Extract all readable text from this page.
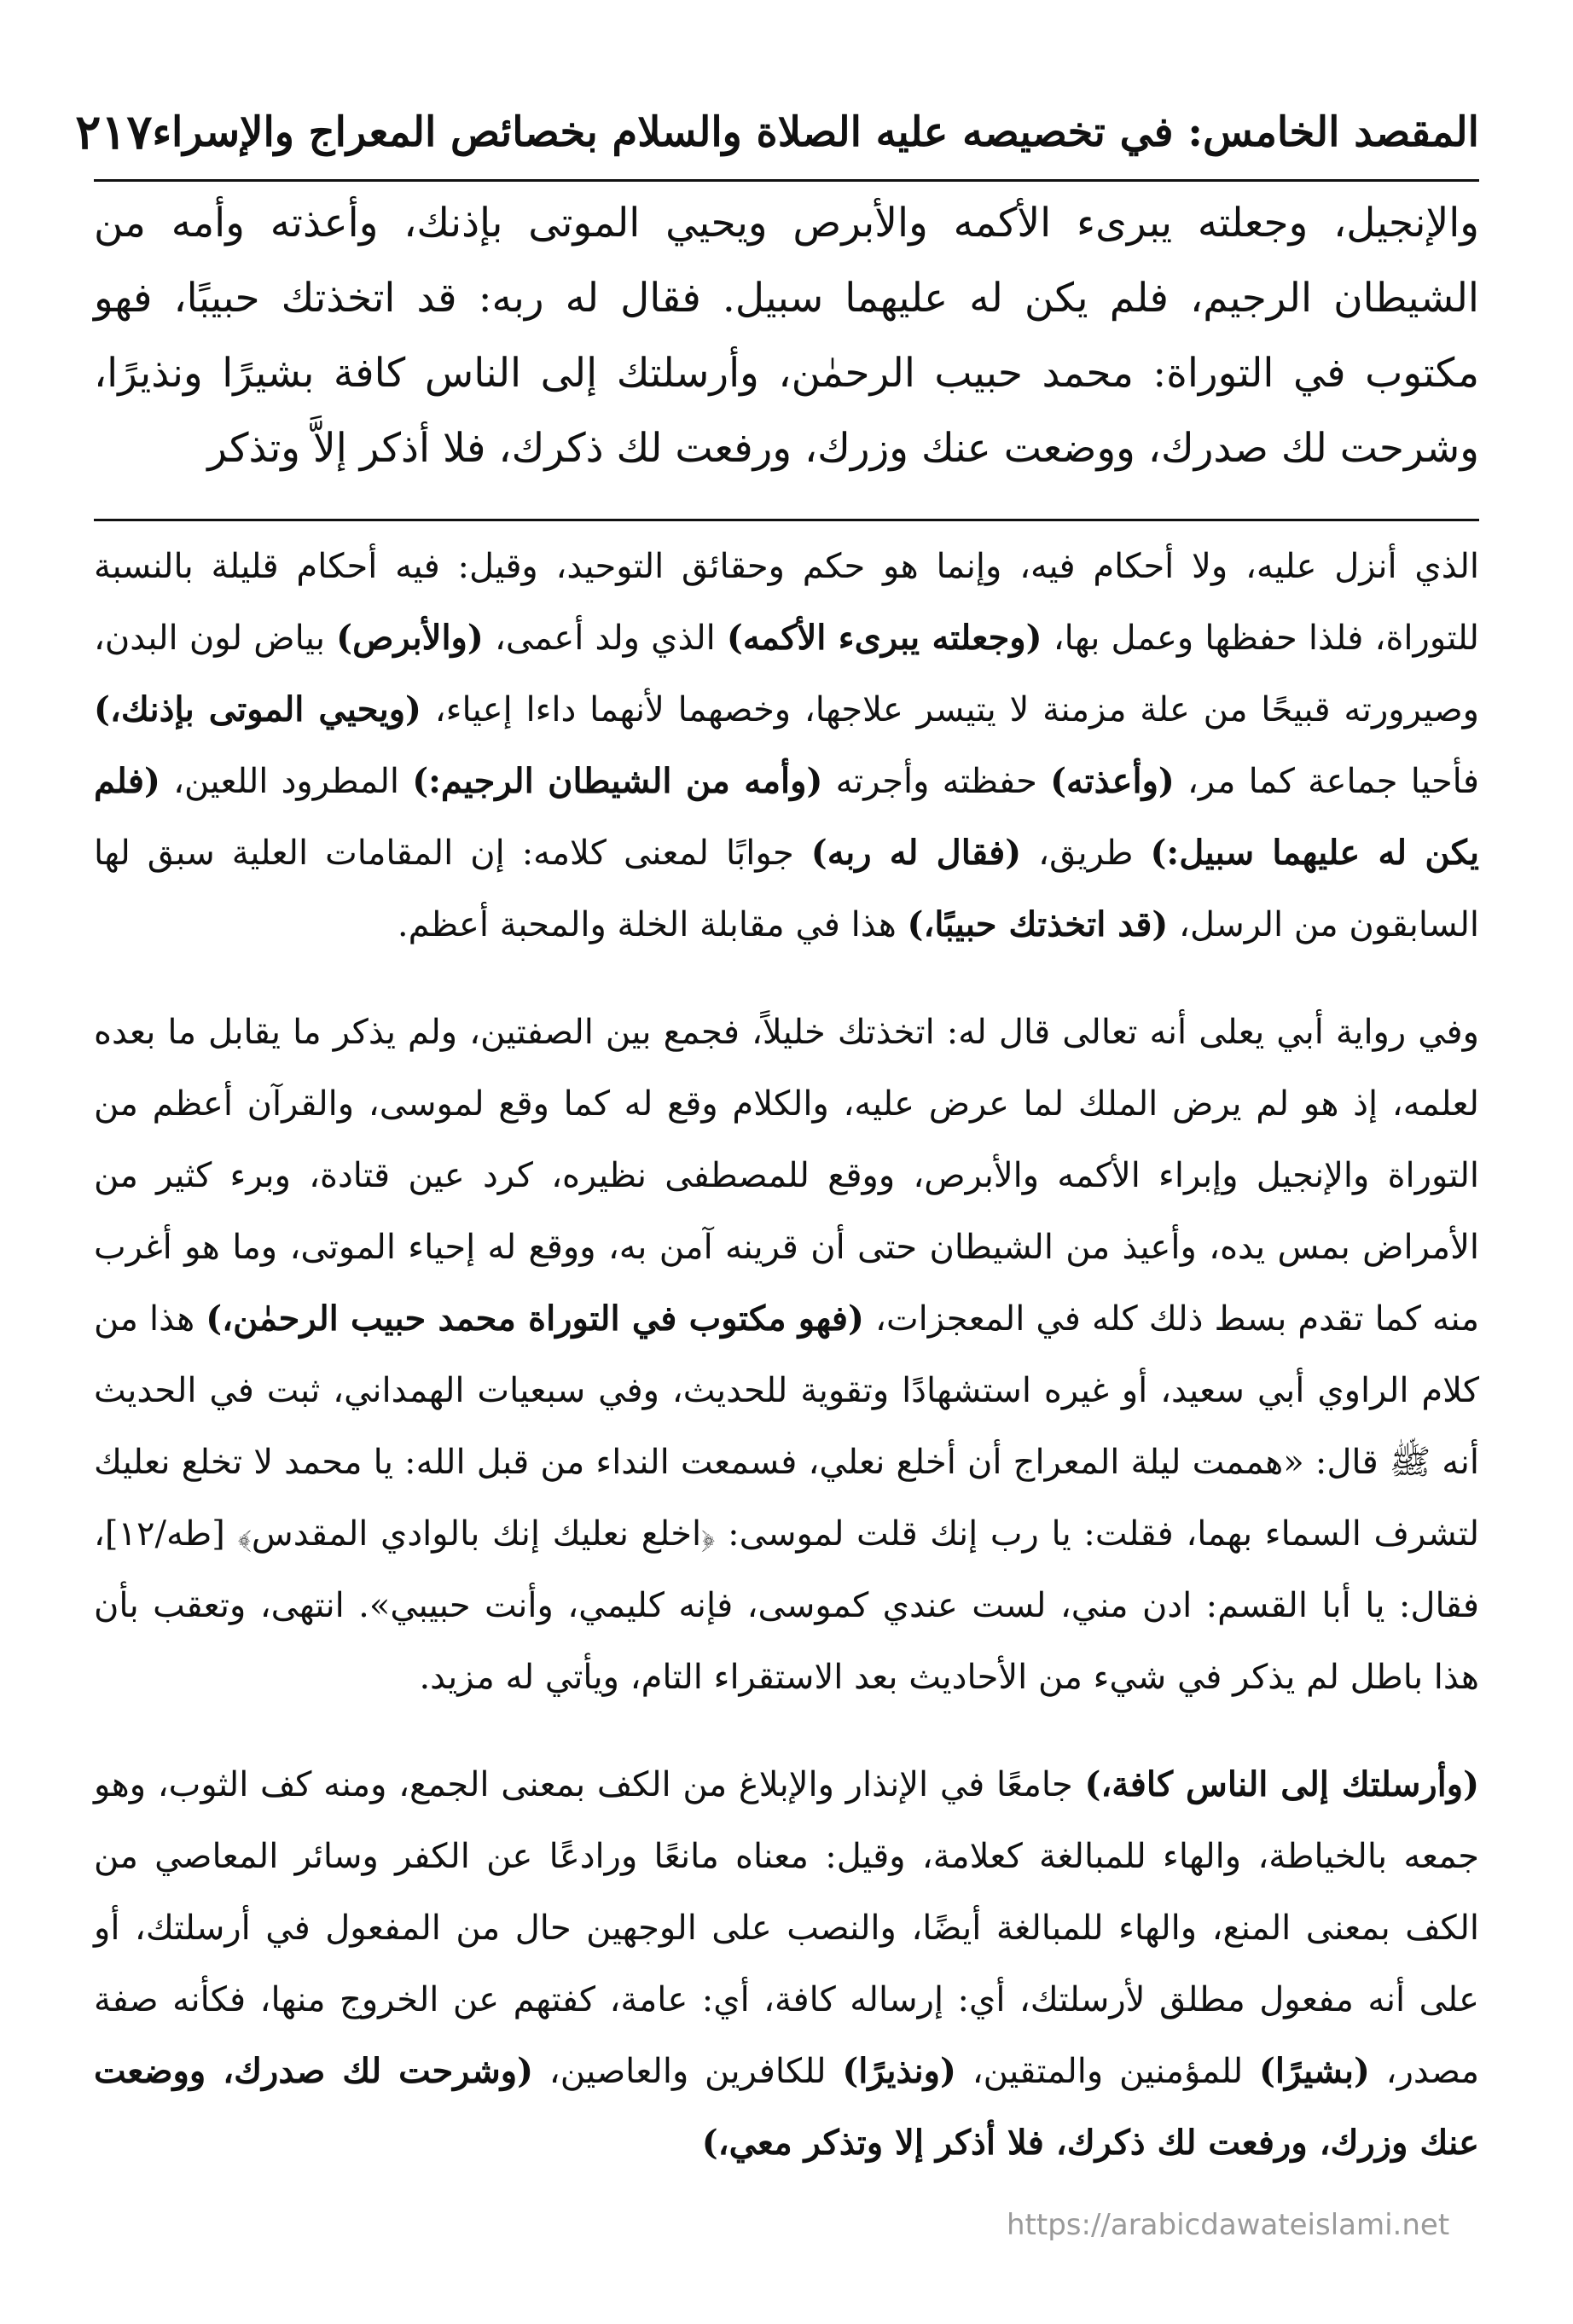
المقصد الخامس: في تخصيصه عليه الصلاة والسلام بخصائص المعراج والإسراء
٢١٧
والإنجيل، وجعلته يبرىء الأكمه والأبرص ويحيي الموتى بإذنك، وأعذته وأمه من الشيطان الرجيم، فلم يكن له عليهما سبيل. فقال له ربه: قد اتخذتك حبيبًا، فهو مكتوب في التوراة: محمد حبيب الرحمٰن، وأرسلتك إلى الناس كافة بشيرًا ونذيرًا، وشرحت لك صدرك، ووضعت عنك وزرك، ورفعت لك ذكرك، فلا أذكر إلاَّ وتذكر

الذي أنزل عليه، ولا أحكام فيه، وإنما هو حكم وحقائق التوحيد، وقيل: فيه أحكام قليلة بالنسبة للتوراة، فلذا حفظها وعمل بها، (وجعلته يبرىء الأكمه) الذي ولد أعمى، (والأبرص) بياض لون البدن، وصيرورته قبيحًا من علة مزمنة لا يتيسر علاجها، وخصهما لأنهما داءا إعياء، (ويحيي الموتى بإذنك،) فأحيا جماعة كما مر، (وأعذته) حفظته وأجرته (وأمه من الشيطان الرجيم:) المطرود اللعين، (فلم يكن له عليهما سبيل:) طريق، (فقال له ربه) جوابًا لمعنى كلامه: إن المقامات العلية سبق لها السابقون من الرسل، (قد اتخذتك حبيبًا،) هذا في مقابلة الخلة والمحبة أعظم.

وفي رواية أبي يعلى أنه تعالى قال له: اتخذتك خليلاً، فجمع بين الصفتين، ولم يذكر ما يقابل ما بعده لعلمه، إذ هو لم يرض الملك لما عرض عليه، والكلام وقع له كما وقع لموسى، والقرآن أعظم من التوراة والإنجيل وإبراء الأكمه والأبرص، ووقع للمصطفى نظيره، كرد عين قتادة، وبرء كثير من الأمراض بمس يده، وأعيذ من الشيطان حتى أن قرينه آمن به، ووقع له إحياء الموتى، وما هو أغرب منه كما تقدم بسط ذلك كله في المعجزات، (فهو مكتوب في التوراة محمد حبيب الرحمٰن،) هذا من كلام الراوي أبي سعيد، أو غيره استشهادًا وتقوية للحديث، وفي سبعيات الهمداني، ثبت في الحديث أنه ﷺ قال: «هممت ليلة المعراج أن أخلع نعلي، فسمعت النداء من قبل الله: يا محمد لا تخلع نعليك لتشرف السماء بهما، فقلت: يا رب إنك قلت لموسى: ﴿اخلع نعليك إنك بالوادي المقدس﴾ [طه/١٢]، فقال: يا أبا القسم: ادن مني، لست عندي كموسى، فإنه كليمي، وأنت حبيبي». انتهى، وتعقب بأن هذا باطل لم يذكر في شيء من الأحاديث بعد الاستقراء التام، ويأتي له مزيد.

(وأرسلتك إلى الناس كافة،) جامعًا في الإنذار والإبلاغ من الكف بمعنى الجمع، ومنه كف الثوب، وهو جمعه بالخياطة، والهاء للمبالغة كعلامة، وقيل: معناه مانعًا ورادعًا عن الكفر وسائر المعاصي من الكف بمعنى المنع، والهاء للمبالغة أيضًا، والنصب على الوجهين حال من المفعول في أرسلتك، أو على أنه مفعول مطلق لأرسلتك، أي: إرساله كافة، أي: عامة، كفتهم عن الخروج منها، فكأنه صفة مصدر، (بشيرًا) للمؤمنين والمتقين، (ونذيرًا) للكافرين والعاصين، (وشرحت لك صدرك، ووضعت عنك وزرك، ورفعت لك ذكرك، فلا أذكر إلا وتذكر معي،)

https://arabicdawateislami.net
